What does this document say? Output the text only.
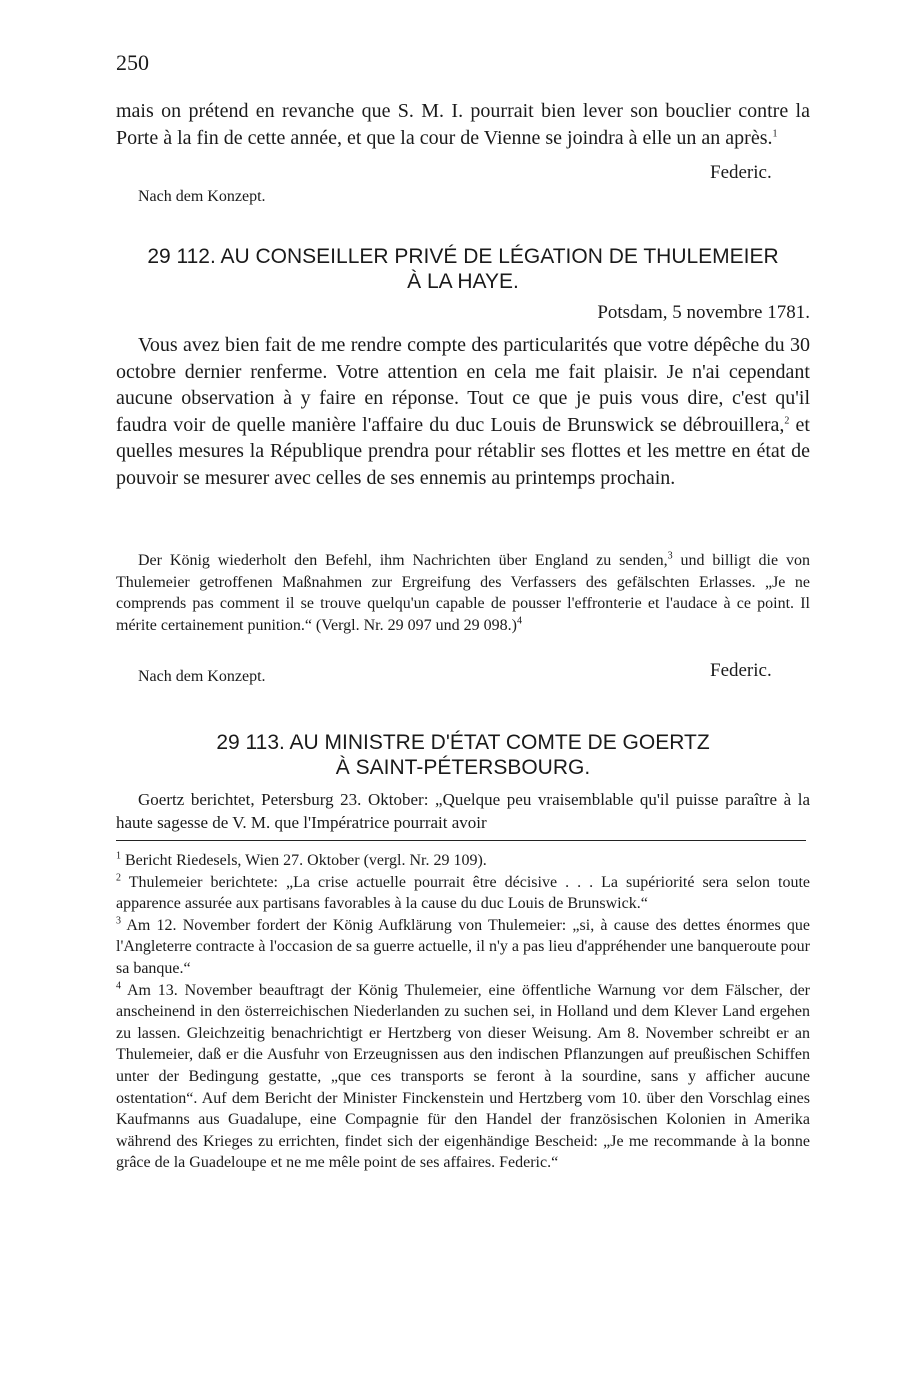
250
mais on prétend en revanche que S. M. I. pourrait bien lever son bouclier contre la Porte à la fin de cette année, et que la cour de Vienne se joindra à elle un an après.$^1$
Federic.
Nach dem Konzept.
29 112. AU CONSEILLER PRIVÉ DE LÉGATION DE THULEMEIER
À LA HAYE.
Potsdam, 5 novembre 1781.
Vous avez bien fait de me rendre compte des particularités que votre dépêche du 30 octobre dernier renferme. Votre attention en cela me fait plaisir. Je n'ai cependant aucune observation à y faire en réponse. Tout ce que je puis vous dire, c'est qu'il faudra voir de quelle manière l'affaire du duc Louis de Brunswick se débrouillera,$^2$ et quelles mesures la République prendra pour rétablir ses flottes et les mettre en état de pouvoir se mesurer avec celles de ses ennemis au printemps prochain.
Der König wiederholt den Befehl, ihm Nachrichten über England zu senden,$^3$ und billigt die von Thulemeier getroffenen Maßnahmen zur Ergreifung des Verfassers des gefälschten Erlasses. „Je ne comprends pas comment il se trouve quelqu'un capable de pousser l'effronterie et l'audace à ce point. Il mérite certainement punition.“ (Vergl. Nr. 29 097 und 29 098.)$^4$
Nach dem Konzept.	Federic.
29 113. AU MINISTRE D'ÉTAT COMTE DE GOERTZ
À SAINT-PÉTERSBOURG.
Goertz berichtet, Petersburg 23. Oktober: „Quelque peu vraisemblable qu'il puisse paraître à la haute sagesse de V. M. que l'Impératrice pourrait avoir
$^1$ Bericht Riedesels, Wien 27. Oktober (vergl. Nr. 29 109).
$^2$ Thulemeier berichtete: „La crise actuelle pourrait être décisive . . . La supériorité sera selon toute apparence assurée aux partisans favorables à la cause du duc Louis de Brunswick.“
$^3$ Am 12. November fordert der König Aufklärung von Thulemeier: „si, à cause des dettes énormes que l'Angleterre contracte à l'occasion de sa guerre actuelle, il n'y a pas lieu d'appréhender une banqueroute pour sa banque.“
$^4$ Am 13. November beauftragt der König Thulemeier, eine öffentliche Warnung vor dem Fälscher, der anscheinend in den österreichischen Niederlanden zu suchen sei, in Holland und dem Klever Land ergehen zu lassen. Gleichzeitig benachrichtigt er Hertzberg von dieser Weisung. Am 8. November schreibt er an Thulemeier, daß er die Ausfuhr von Erzeugnissen aus den indischen Pflanzungen auf preußischen Schiffen unter der Bedingung gestatte, „que ces transports se feront à la sourdine, sans y afficher aucune ostentation“. Auf dem Bericht der Minister Finckenstein und Hertzberg vom 10. über den Vorschlag eines Kaufmanns aus Guadalupe, eine Compagnie für den Handel der französischen Kolonien in Amerika während des Krieges zu errichten, findet sich der eigenhändige Bescheid: „Je me recommande à la bonne grâce de la Guadeloupe et ne me mêle point de ses affaires. Federic.“
